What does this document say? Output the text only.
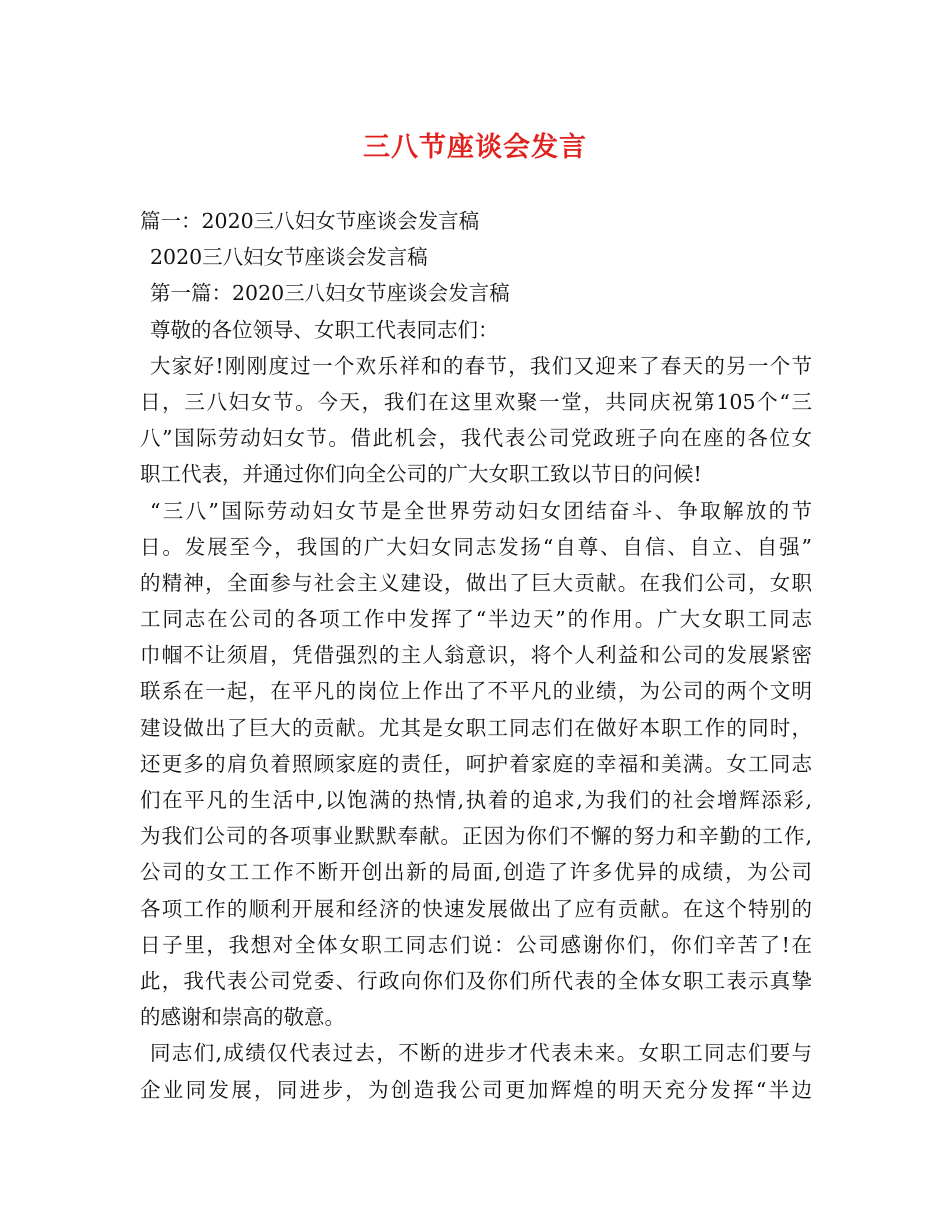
三八节座谈会发言
篇一：2020三八妇女节座谈会发言稿
2020三八妇女节座谈会发言稿
第一篇：2020三八妇女节座谈会发言稿
尊敬的各位领导、女职工代表同志们：
大家好!刚刚度过一个欢乐祥和的春节，我们又迎来了春天的另一个节
日，三八妇女节。今天，我们在这里欢聚一堂，共同庆祝第105个“三
八”国际劳动妇女节。借此机会，我代表公司党政班子向在座的各位女
职工代表，并通过你们向全公司的广大女职工致以节日的问候!
“三八”国际劳动妇女节是全世界劳动妇女团结奋斗、争取解放的节
日。发展至今，我国的广大妇女同志发扬“自尊、自信、自立、自强”
的精神，全面参与社会主义建设，做出了巨大贡献。在我们公司，女职
工同志在公司的各项工作中发挥了“半边天”的作用。广大女职工同志
巾帼不让须眉，凭借强烈的主人翁意识，将个人利益和公司的发展紧密
联系在一起，在平凡的岗位上作出了不平凡的业绩，为公司的两个文明
建设做出了巨大的贡献。尤其是女职工同志们在做好本职工作的同时，
还更多的肩负着照顾家庭的责任，呵护着家庭的幸福和美满。女工同志
们在平凡的生活中,以饱满的热情,执着的追求,为我们的社会增辉添彩,
为我们公司的各项事业默默奉献。正因为你们不懈的努力和辛勤的工作,
公司的女工工作不断开创出新的局面,创造了许多优异的成绩，为公司
各项工作的顺利开展和经济的快速发展做出了应有贡献。在这个特别的
日子里，我想对全体女职工同志们说：公司感谢你们，你们辛苦了!在
此，我代表公司党委、行政向你们及你们所代表的全体女职工表示真挚
的感谢和崇高的敬意。
同志们,成绩仅代表过去，不断的进步才代表未来。女职工同志们要与
企业同发展，同进步，为创造我公司更加辉煌的明天充分发挥“半边
